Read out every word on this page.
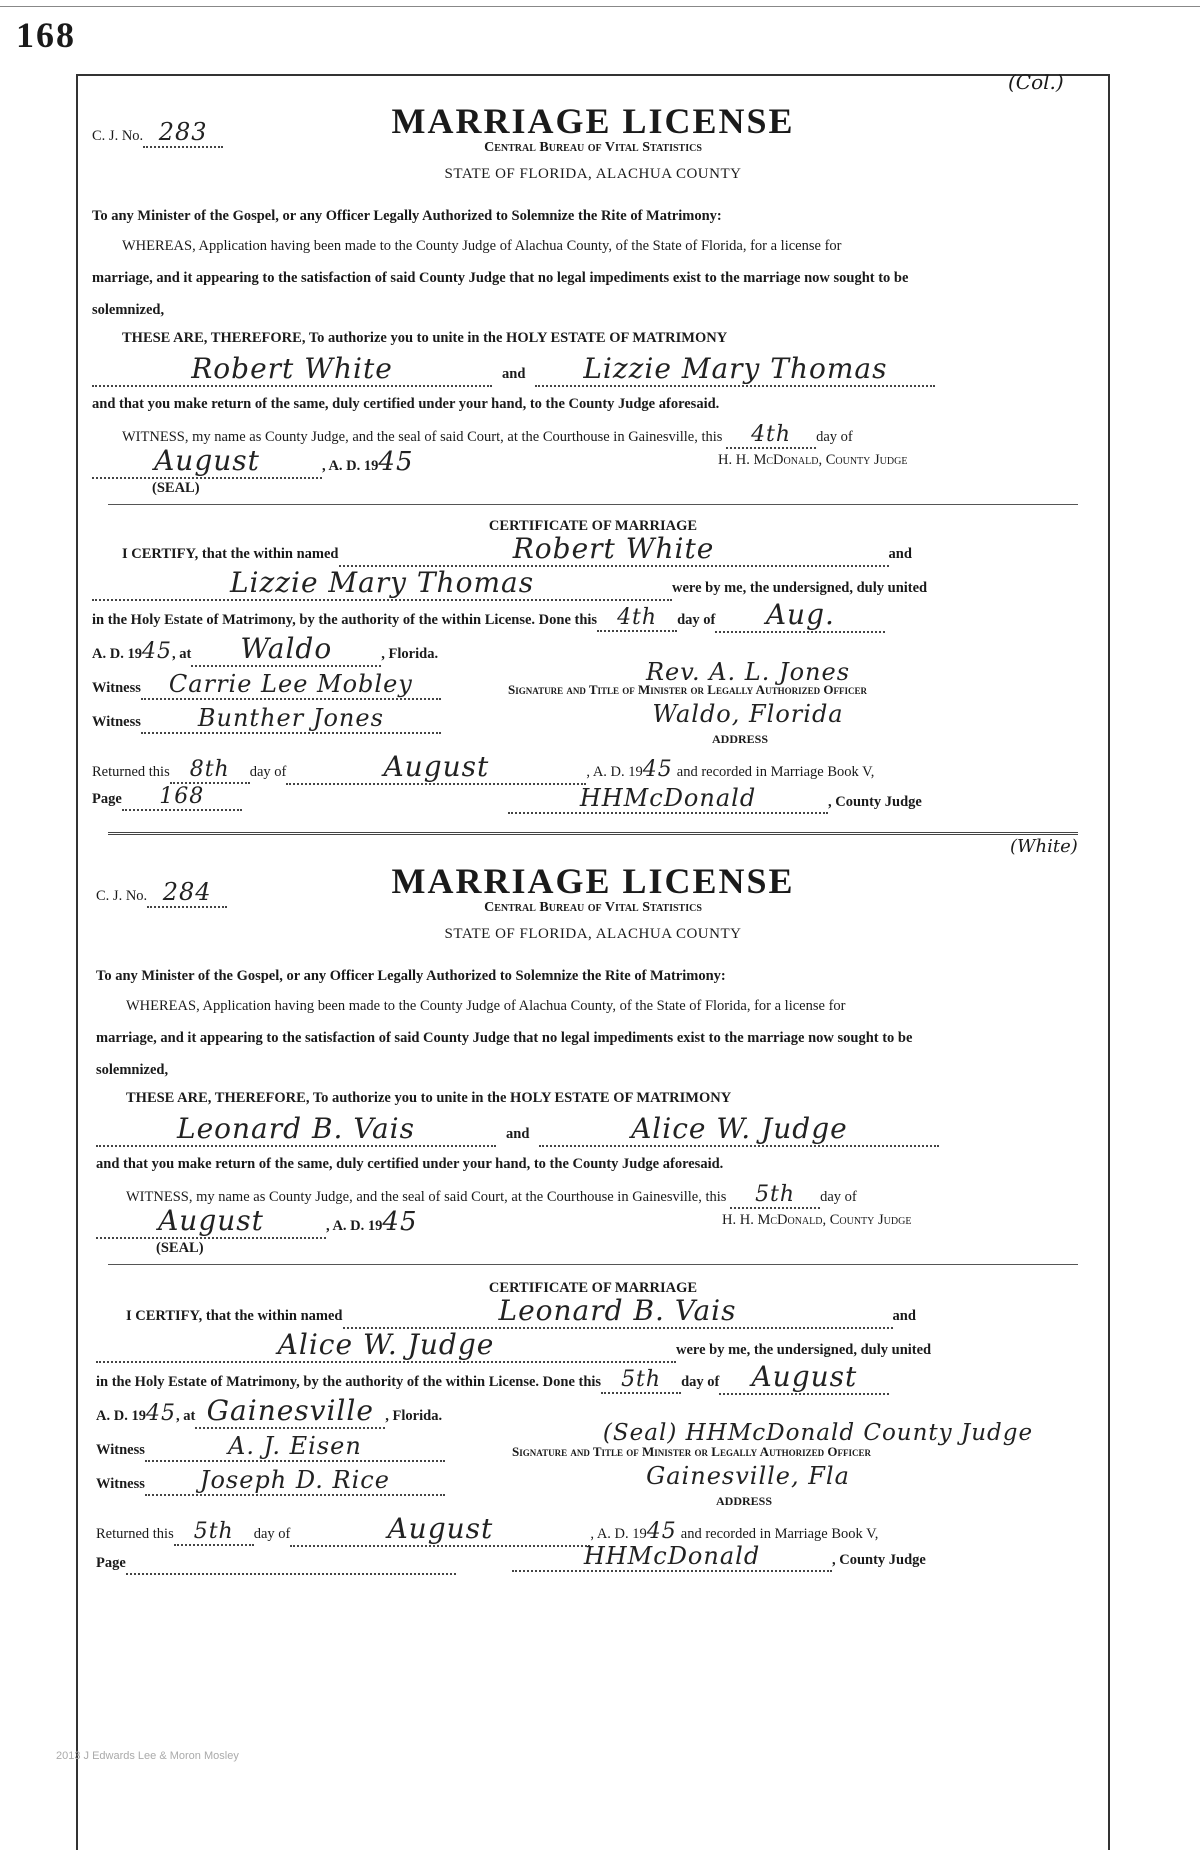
168
(Col.)
C. J. No. 283	MARRIAGE LICENSE
Central Bureau of Vital Statistics
STATE OF FLORIDA, ALACHUA COUNTY
To any Minister of the Gospel, or any Officer Legally Authorized to Solemnize the Rite of Matrimony:
WHEREAS, Application having been made to the County Judge of Alachua County, of the State of Florida, for a license for
marriage, and it appearing to the satisfaction of said County Judge that no legal impediments exist to the marriage now sought to be
solemnized,
THESE ARE, THEREFORE, To authorize you to unite in the HOLY ESTATE OF MATRIMONY
Robert White	and Lizzie Mary Thomas
and that you make return of the same, duly certified under your hand, to the County Judge aforesaid.
WITNESS, my name as County Judge, and the seal of said Court, at the Courthouse in Gainesville, this 4th day of
August	, A. D. 1945	H. H. McDonald, County Judge
(SEAL)
CERTIFICATE OF MARRIAGE
I CERTIFY, that the within named	Robert White	and
Lizzie Mary Thomas	were by me, the undersigned, duly united
in the Holy Estate of Matrimony, by the authority of the within License. Done this 4th day of Aug.
A. D. 1945, at Waldo	, Florida.
Rev. A. L. Jones
Witness Carrie Lee Mobley	Signature and Title of Minister or Legally Authorized Officer
Waldo, Florida
Witness Bunther Jones
ADDRESS
Returned this 8th day of	August	, A. D. 1945 and recorded in Marriage Book V,
Page 168	HHMcDonald	, County Judge
(White)
C. J. No. 284	MARRIAGE LICENSE
Central Bureau of Vital Statistics
STATE OF FLORIDA, ALACHUA COUNTY
To any Minister of the Gospel, or any Officer Legally Authorized to Solemnize the Rite of Matrimony:
WHEREAS, Application having been made to the County Judge of Alachua County, of the State of Florida, for a license for
marriage, and it appearing to the satisfaction of said County Judge that no legal impediments exist to the marriage now sought to be
solemnized,
THESE ARE, THEREFORE, To authorize you to unite in the HOLY ESTATE OF MATRIMONY
Leonard B. Vais	and	Alice W. Judge
and that you make return of the same, duly certified under your hand, to the County Judge aforesaid.
WITNESS, my name as County Judge, and the seal of said Court, at the Courthouse in Gainesville, this 5th day of
August	, A. D. 1945	H. H. McDonald, County Judge
(SEAL)
CERTIFICATE OF MARRIAGE
I CERTIFY, that the within named	Leonard B. Vais	and
Alice W. Judge	were by me, the undersigned, duly united
in the Holy Estate of Matrimony, by the authority of the within License. Done this 5th day of August
A. D. 1945, at Gainesville , Florida.
(Seal) HHMcDonald County Judge
Witness	A. J. Eisen	Signature and Title of Minister or Legally Authorized Officer
Gainesville, Fla
Witness Joseph D. Rice
ADDRESS
Returned this 5th day of	August	, A. D. 1945 and recorded in Marriage Book V,
Page	HHMcDonald	, County Judge
2013 J Edwards Lee & Moron Mosley
